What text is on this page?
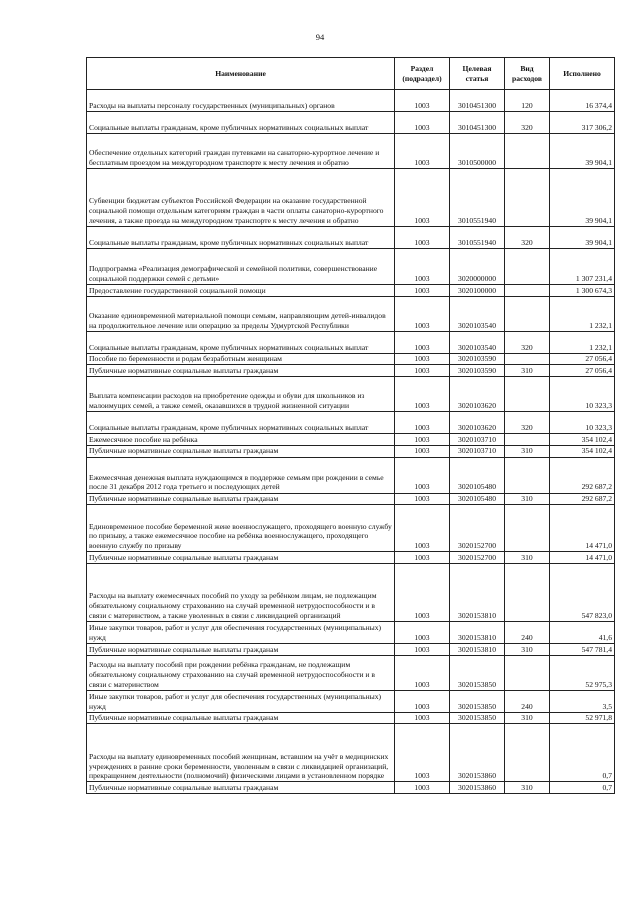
94
Наименование	Раздел (подраздел)	Целевая статья	Вид расходов	Исполнено
Расходы на выплаты персоналу государственных (муниципальных) органов	1003	3010451300	120	16 374,4
Социальные выплаты гражданам, кроме публичных нормативных социальных выплат	1003	3010451300	320	317 306,2
Обеспечение отдельных категорий граждан путевками на санаторно-курортное лечение и бесплатным проездом на междугородном транспорте к месту лечения и обратно	1003	3010500000		39 904,1
Субвенции бюджетам субъектов Российской Федерации на оказание государственной социальной помощи отдельным категориям граждан в части оплаты санаторно-курортного лечения, а также проезда на междугородном транспорте к месту лечения и обратно	1003	3010551940		39 904,1
Социальные выплаты гражданам, кроме публичных нормативных социальных выплат	1003	3010551940	320	39 904,1
Подпрограмма «Реализация демографической и семейной политики, совершенствование социальной поддержки семей с детьми»	1003	3020000000		1 307 231,4
Предоставление государственной социальной помощи	1003	3020100000		1 300 674,3
Оказание единовременной материальной помощи семьям, направляющим детей-инвалидов на продолжительное лечение или операцию за пределы Удмуртской Республики	1003	3020103540		1 232,1
Социальные выплаты гражданам, кроме публичных нормативных социальных выплат	1003	3020103540	320	1 232,1
Пособие по беременности и родам безработным женщинам	1003	3020103590		27 056,4
Публичные нормативные социальные выплаты гражданам	1003	3020103590	310	27 056,4
Выплата компенсации расходов на приобретение одежды и обуви для школьников из малоимущих семей, а также семей, оказавшихся в трудной жизненной ситуации	1003	3020103620		10 323,3
Социальные выплаты гражданам, кроме публичных нормативных социальных выплат	1003	3020103620	320	10 323,3
Ежемесячное пособие на ребёнка	1003	3020103710		354 102,4
Публичные нормативные социальные выплаты гражданам	1003	3020103710	310	354 102,4
Ежемесячная денежная выплата нуждающимся в поддержке семьям при рождении в семье после 31 декабря 2012 года третьего и последующих детей	1003	3020105480		292 687,2
Публичные нормативные социальные выплаты гражданам	1003	3020105480	310	292 687,2
Единовременное пособие беременной жене военнослужащего, проходящего военную службу по призыву, а также ежемесячное пособие на ребёнка военнослужащего, проходящего военную службу по призыву	1003	3020152700		14 471,0
Публичные нормативные социальные выплаты гражданам	1003	3020152700	310	14 471,0
Расходы на выплату ежемесячных пособий по уходу за ребёнком лицам, не подлежащим обязательному социальному страхованию на случай временной нетрудоспособности и в связи с материнством, а также уволенных в связи с ликвидацией организаций	1003	3020153810		547 823,0
Иные закупки товаров, работ и услуг для обеспечения государственных (муниципальных) нужд	1003	3020153810	240	41,6
Публичные нормативные социальные выплаты гражданам	1003	3020153810	310	547 781,4
Расходы на выплату пособий при рождении ребёнка гражданам, не подлежащим обязательному социальному страхованию на случай временной нетрудоспособности и в связи с материнством	1003	3020153850		52 975,3
Иные закупки товаров, работ и услуг для обеспечения государственных (муниципальных) нужд	1003	3020153850	240	3,5
Публичные нормативные социальные выплаты гражданам	1003	3020153850	310	52 971,8
Расходы на выплату единовременных пособий женщинам, вставшим на учёт в медицинских учреждениях в ранние сроки беременности, уволенным в связи с ликвидацией организаций, прекращением деятельности (полномочий) физическими лицами в установленном порядке	1003	3020153860		0,7
Публичные нормативные социальные выплаты гражданам	1003	3020153860	310	0,7
